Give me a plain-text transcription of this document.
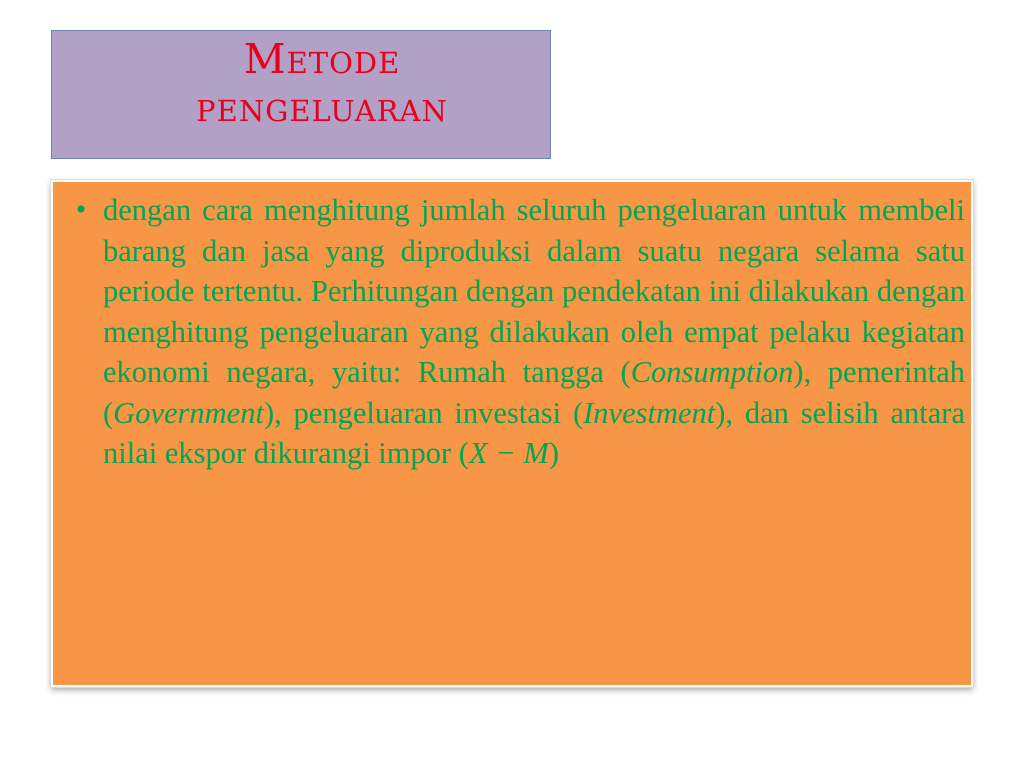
Metode
pengeluaran
• dengan cara menghitung jumlah seluruh pengeluaran untuk membeli barang dan jasa yang diproduksi dalam suatu negara selama satu periode tertentu. Perhitungan dengan pendekatan ini dilakukan dengan menghitung pengeluaran yang dilakukan oleh empat pelaku kegiatan ekonomi negara, yaitu: Rumah tangga (Consumption), pemerintah (Government), pengeluaran investasi (Investment), dan selisih antara nilai ekspor dikurangi impor (X − M)
